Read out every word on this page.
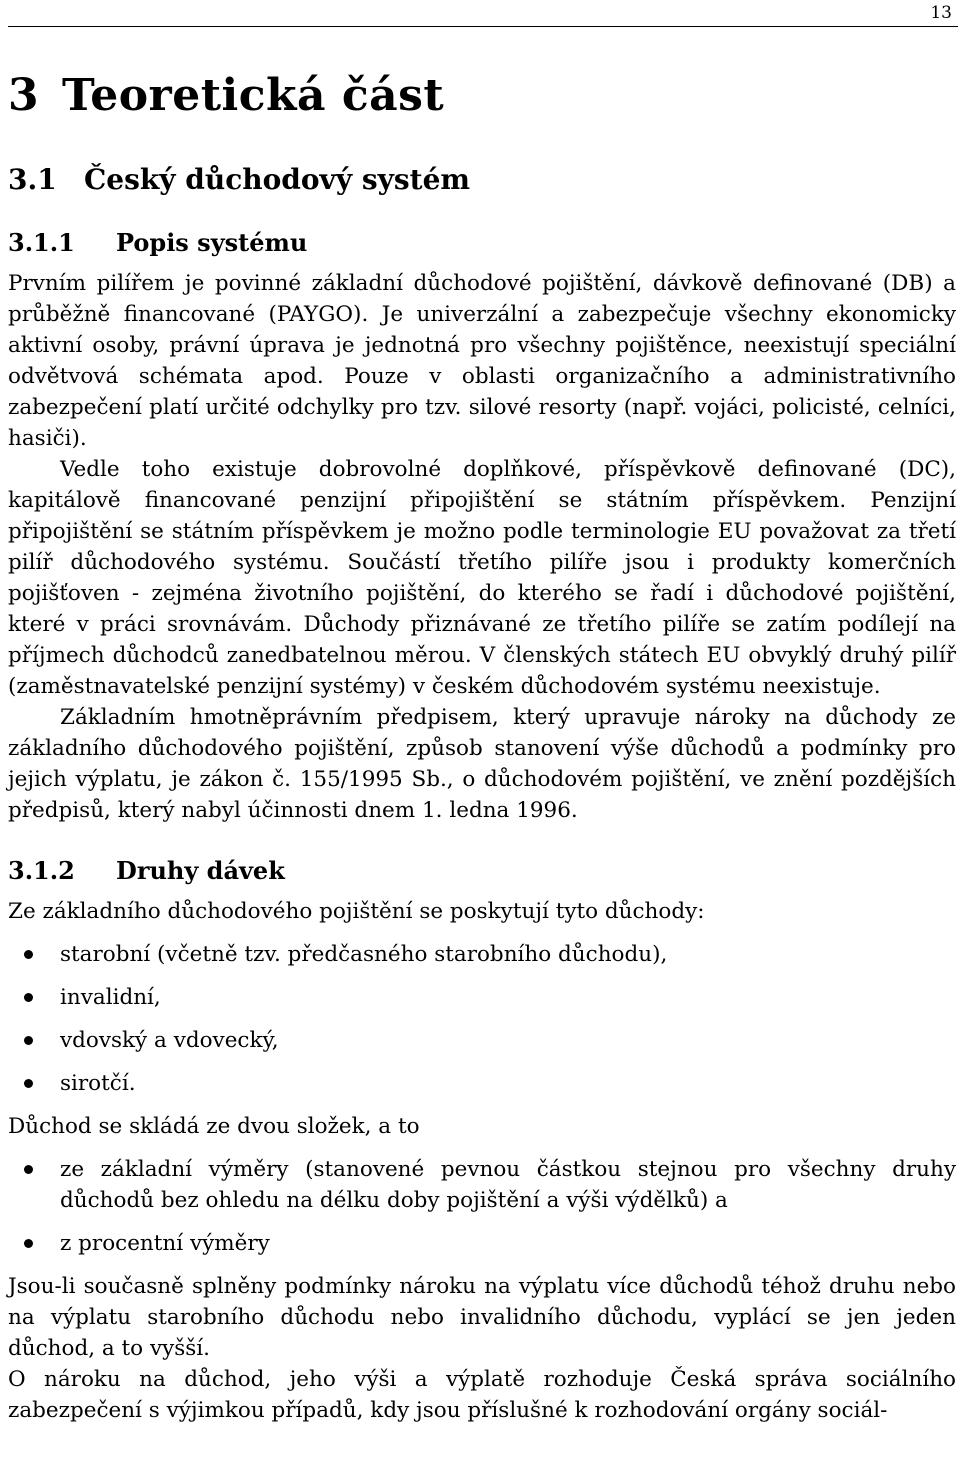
13
3 Teoretická část
3.1 Český důchodový systém
3.1.1 Popis systému

Prvním pilířem je povinné základní důchodové pojištění, dávkově definované (DB) a průběžně financované (PAYGO). Je univerzální a zabezpečuje všechny ekonomicky aktivní osoby, právní úprava je jednotná pro všechny pojištěnce, neexistují speciální odvětvová schémata apod. Pouze v oblasti organizačního a administrativního zabezpečení platí určité odchylky pro tzv. silové resorty (např. vojáci, policisté, celníci, hasiči).

Vedle toho existuje dobrovolné doplňkové, příspěvkově definované (DC), kapitálově financované penzijní připojištění se státním příspěvkem. Penzijní připojištění se státním příspěvkem je možno podle terminologie EU považovat za třetí pilíř důchodového systému. Součástí třetího pilíře jsou i produkty komerčních pojišťoven - zejména životního pojištění, do kterého se řadí i důchodové pojištění, které v práci srovnávám. Důchody přiznávané ze třetího pilíře se zatím podílejí na příjmech důchodců zanedbatelnou měrou. V členských státech EU obvyklý druhý pilíř (zaměstnavatelské penzijní systémy) v českém důchodovém systému neexistuje.

Základním hmotněprávním předpisem, který upravuje nároky na důchody ze základního důchodového pojištění, způsob stanovení výše důchodů a podmínky pro jejich výplatu, je zákon č. 155/1995 Sb., o důchodovém pojištění, ve znění pozdějších předpisů, který nabyl účinnosti dnem 1. ledna 1996.

3.1.2 Druhy dávek

Ze základního důchodového pojištění se poskytují tyto důchody:

starobní (včetně tzv. předčasného starobního důchodu),
invalidní,
vdovský a vdovecký,
sirotčí.

Důchod se skládá ze dvou složek, a to

ze základní výměry (stanovené pevnou částkou stejnou pro všechny druhy důchodů bez ohledu na délku doby pojištění a výši výdělků) a
z procentní výměry

Jsou-li současně splněny podmínky nároku na výplatu více důchodů téhož druhu nebo na výplatu starobního důchodu nebo invalidního důchodu, vyplácí se jen jeden důchod, a to vyšší.

O nároku na důchod, jeho výši a výplatě rozhoduje Česká správa sociálního zabezpečení s výjimkou případů, kdy jsou příslušné k rozhodování orgány sociál-
